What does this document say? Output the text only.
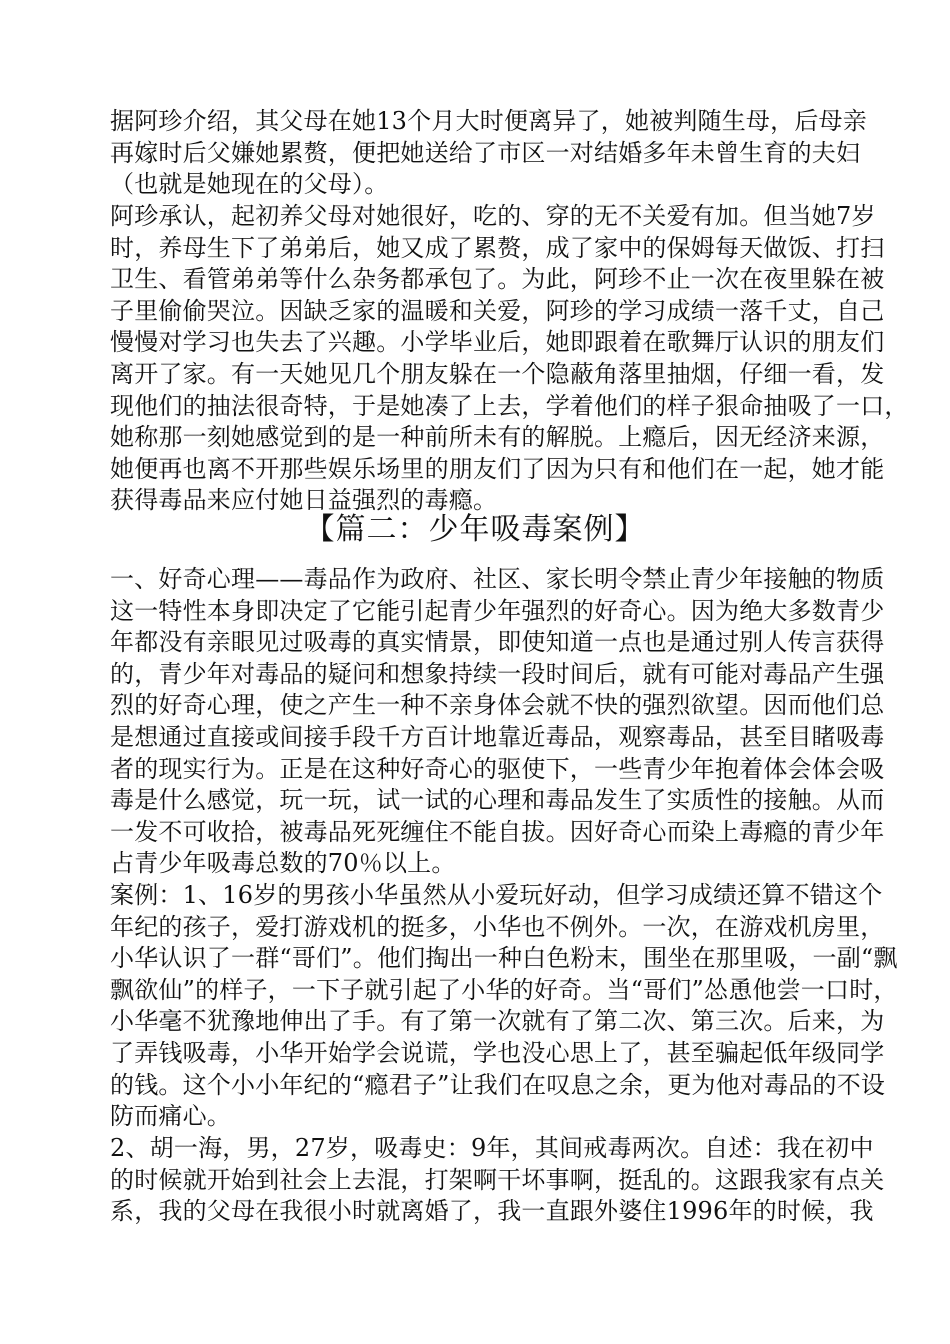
据阿珍介绍，其父母在她13个月大时便离异了，她被判随生母，后母亲
再嫁时后父嫌她累赘，便把她送给了市区一对结婚多年未曾生育的夫妇
（也就是她现在的父母）。
阿珍承认，起初养父母对她很好，吃的、穿的无不关爱有加。但当她7岁
时，养母生下了弟弟后，她又成了累赘，成了家中的保姆每天做饭、打扫
卫生、看管弟弟等什么杂务都承包了。为此，阿珍不止一次在夜里躲在被
子里偷偷哭泣。因缺乏家的温暖和关爱，阿珍的学习成绩一落千丈，自己
慢慢对学习也失去了兴趣。小学毕业后，她即跟着在歌舞厅认识的朋友们
离开了家。有一天她见几个朋友躲在一个隐蔽角落里抽烟，仔细一看，发
现他们的抽法很奇特，于是她凑了上去，学着他们的样子狠命抽吸了一口，
她称那一刻她感觉到的是一种前所未有的解脱。上瘾后，因无经济来源，
她便再也离不开那些娱乐场里的朋友们了因为只有和他们在一起，她才能
获得毒品来应付她日益强烈的毒瘾。
【篇二：少年吸毒案例】
一、好奇心理——毒品作为政府、社区、家长明令禁止青少年接触的物质
这一特性本身即决定了它能引起青少年强烈的好奇心。因为绝大多数青少
年都没有亲眼见过吸毒的真实情景，即使知道一点也是通过别人传言获得
的，青少年对毒品的疑问和想象持续一段时间后，就有可能对毒品产生强
烈的好奇心理，使之产生一种不亲身体会就不快的强烈欲望。因而他们总
是想通过直接或间接手段千方百计地靠近毒品，观察毒品，甚至目睹吸毒
者的现实行为。正是在这种好奇心的驱使下，一些青少年抱着体会体会吸
毒是什么感觉，玩一玩，试一试的心理和毒品发生了实质性的接触。从而
一发不可收拾，被毒品死死缠住不能自拔。因好奇心而染上毒瘾的青少年
占青少年吸毒总数的70％以上。
案例：1、16岁的男孩小华虽然从小爱玩好动，但学习成绩还算不错这个
年纪的孩子，爱打游戏机的挺多，小华也不例外。一次，在游戏机房里，
小华认识了一群“哥们”。他们掏出一种白色粉末，围坐在那里吸，一副“飘
飘欲仙”的样子，一下子就引起了小华的好奇。当“哥们”怂恿他尝一口时，
小华毫不犹豫地伸出了手。有了第一次就有了第二次、第三次。后来，为
了弄钱吸毒，小华开始学会说谎，学也没心思上了，甚至骗起低年级同学
的钱。这个小小年纪的“瘾君子”让我们在叹息之余，更为他对毒品的不设
防而痛心。
2、胡一海，男，27岁，吸毒史：9年，其间戒毒两次。自述：我在初中
的时候就开始到社会上去混，打架啊干坏事啊，挺乱的。这跟我家有点关
系，我的父母在我很小时就离婚了，我一直跟外婆住1996年的时候，我
